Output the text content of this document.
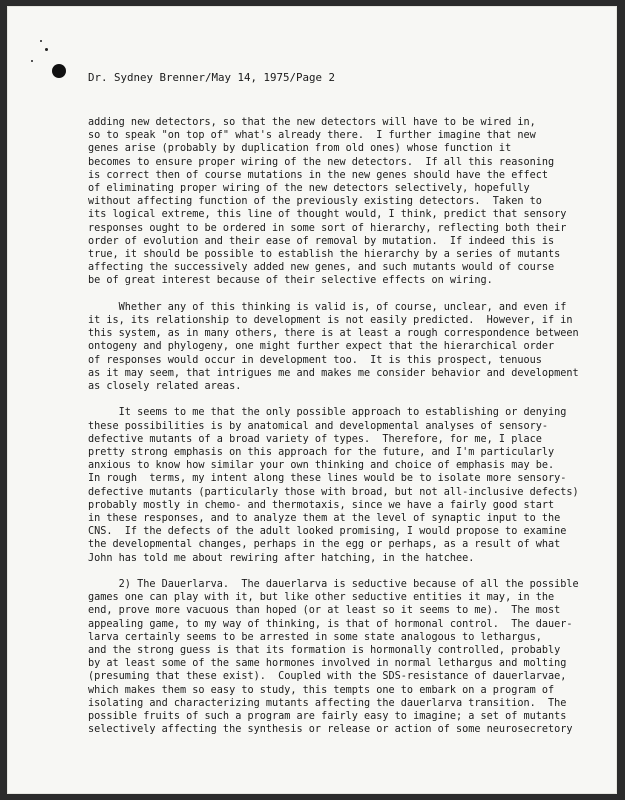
Dr. Sydney Brenner/May 14, 1975/Page 2
adding new detectors, so that the new detectors will have to be wired in,
so to speak "on top of" what's already there.  I further imagine that new
genes arise (probably by duplication from old ones) whose function it
becomes to ensure proper wiring of the new detectors.  If all this reasoning
is correct then of course mutations in the new genes should have the effect
of eliminating proper wiring of the new detectors selectively, hopefully
without affecting function of the previously existing detectors.  Taken to
its logical extreme, this line of thought would, I think, predict that sensory
responses ought to be ordered in some sort of hierarchy, reflecting both their
order of evolution and their ease of removal by mutation.  If indeed this is
true, it should be possible to establish the hierarchy by a series of mutants
affecting the successively added new genes, and such mutants would of course
be of great interest because of their selective effects on wiring.
Whether any of this thinking is valid is, of course, unclear, and even if
it is, its relationship to development is not easily predicted.  However, if in
this system, as in many others, there is at least a rough correspondence between
ontogeny and phylogeny, one might further expect that the hierarchical order
of responses would occur in development too.  It is this prospect, tenuous
as it may seem, that intrigues me and makes me consider behavior and development
as closely related areas.
It seems to me that the only possible approach to establishing or denying
these possibilities is by anatomical and developmental analyses of sensory-
defective mutants of a broad variety of types.  Therefore, for me, I place
pretty strong emphasis on this approach for the future, and I'm particularly
anxious to know how similar your own thinking and choice of emphasis may be.
In rough  terms, my intent along these lines would be to isolate more sensory-
defective mutants (particularly those with broad, but not all-inclusive defects)
probably mostly in chemo- and thermotaxis, since we have a fairly good start
in these responses, and to analyze them at the level of synaptic input to the
CNS.  If the defects of the adult looked promising, I would propose to examine
the developmental changes, perhaps in the egg or perhaps, as a result of what
John has told me about rewiring after hatching, in the hatchee.
2) The Dauerlarva.  The dauerlarva is seductive because of all the possible
games one can play with it, but like other seductive entities it may, in the
end, prove more vacuous than hoped (or at least so it seems to me).  The most
appealing game, to my way of thinking, is that of hormonal control.  The dauer-
larva certainly seems to be arrested in some state analogous to lethargus,
and the strong guess is that its formation is hormonally controlled, probably
by at least some of the same hormones involved in normal lethargus and molting
(presuming that these exist).  Coupled with the SDS-resistance of dauerlarvae,
which makes them so easy to study, this tempts one to embark on a program of
isolating and characterizing mutants affecting the dauerlarva transition.  The
possible fruits of such a program are fairly easy to imagine; a set of mutants
selectively affecting the synthesis or release or action of some neurosecretory
